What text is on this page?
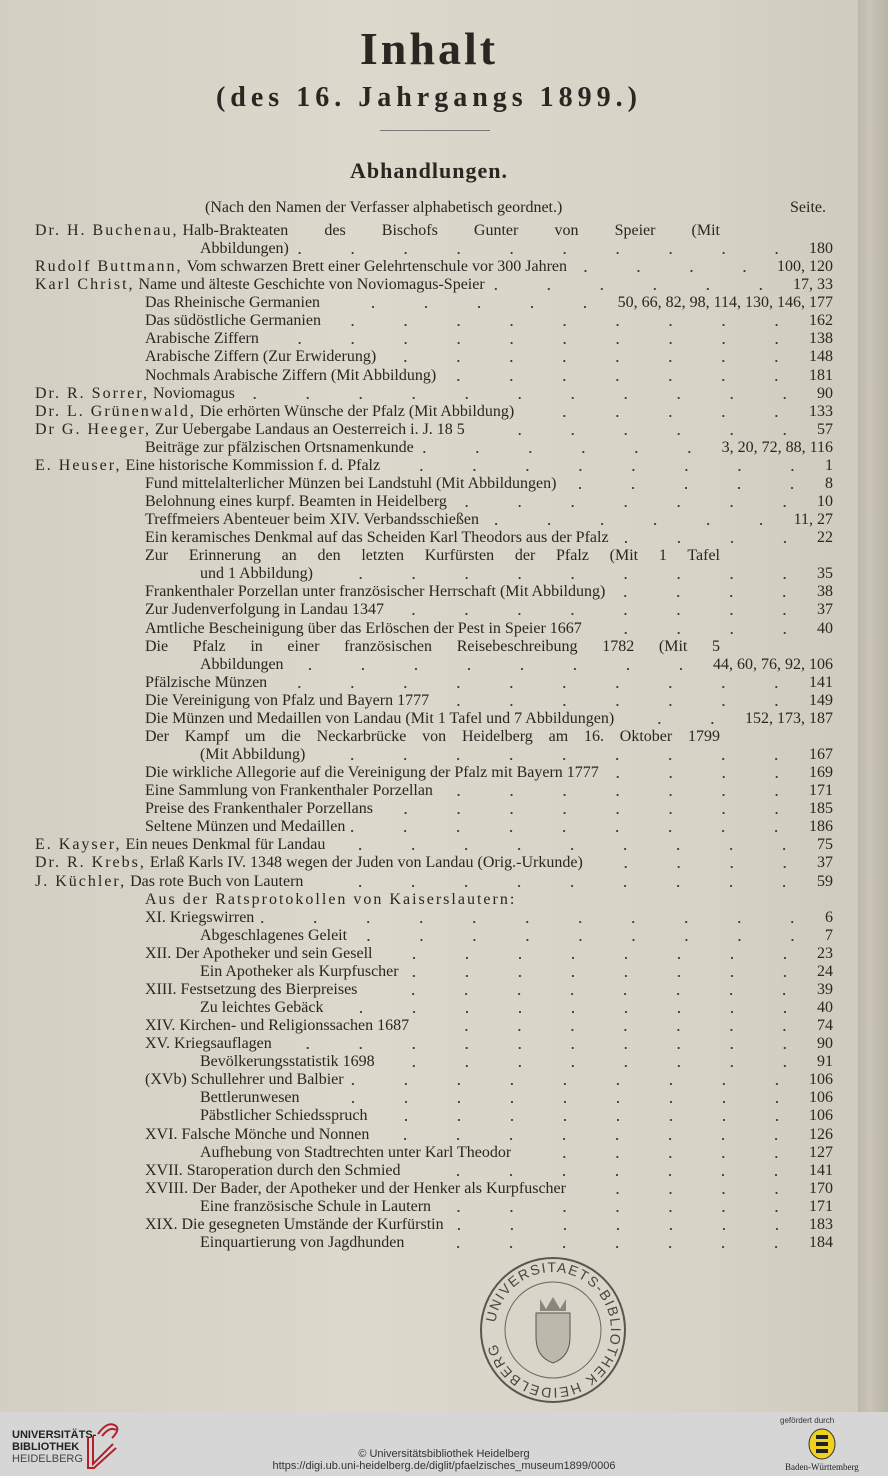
Inhalt
(des 16. Jahrgangs 1899.)
Abhandlungen.
(Nach den Namen der Verfasser alphabetisch geordnet.)	Seite.
Dr. H. Buchenau,
Halb-Brakteaten des Bischofs Gunter von Speier (Mit
Abbildungen)	180
Rudolf Buttmann,
Vom schwarzen Brett einer Gelehrtenschule vor 300 Jahren	100, 120
Karl Christ,
Name und älteste Geschichte von Noviomagus-Speier	17, 33
Das Rheinische Germanien	50, 66, 82, 98, 114, 130, 146, 177
Das südöstliche Germanien	162
Arabische Ziffern	138
Arabische Ziffern (Zur Erwiderung)	148
Nochmals Arabische Ziffern (Mit Abbildung)	181
Dr. R. Sorrer,
Noviomagus	90
Dr. L. Grünenwald,
Die erhörten Wünsche der Pfalz (Mit Abbildung)	133
Dr G. Heeger,
Zur Uebergabe Landaus an Oesterreich i. J. 18 5	57
Beiträge zur pfälzischen Ortsnamenkunde	3, 20, 72, 88, 116
E. Heuser,
Eine historische Kommission f. d. Pfalz	1
Fund mittelalterlicher Münzen bei Landstuhl (Mit Abbildungen)	8
Belohnung eines kurpf. Beamten in Heidelberg	10
Treffmeiers Abenteuer beim XIV. Verbandsschießen	11, 27
Ein keramisches Denkmal auf das Scheiden Karl Theodors aus der Pfalz	22
Zur Erinnerung an den letzten Kurfürsten der Pfalz (Mit 1 Tafel
und 1 Abbildung)	35
Frankenthaler Porzellan unter französischer Herrschaft (Mit Abbildung)	38
Zur Judenverfolgung in Landau 1347	37
Amtliche Bescheinigung über das Erlöschen der Pest in Speier 1667	40
Die Pfalz in einer französischen Reisebeschreibung 1782 (Mit 5
Abbildungen	44, 60, 76, 92, 106
Pfälzische Münzen	141
Die Vereinigung von Pfalz und Bayern 1777	149
Die Münzen und Medaillen von Landau (Mit 1 Tafel und 7 Abbildungen)	152, 173, 187
Der Kampf um die Neckarbrücke von Heidelberg am 16. Oktober 1799
(Mit Abbildung)	167
Die wirkliche Allegorie auf die Vereinigung der Pfalz mit Bayern 1777	169
Eine Sammlung von Frankenthaler Porzellan	171
Preise des Frankenthaler Porzellans	185
Seltene Münzen und Medaillen	186
E. Kayser,
Ein neues Denkmal für Landau	75
Dr. R. Krebs,
Erlaß Karls IV. 1348 wegen der Juden von Landau (Orig.-Urkunde)	37
J. Küchler,
Das rote Buch von Lautern	59
Aus der Ratsprotokollen von Kaiserslautern:
XI. Kriegswirren	6
Abgeschlagenes Geleit	7
XII. Der Apotheker und sein Gesell	23
Ein Apotheker als Kurpfuscher	24
XIII. Festsetzung des Bierpreises	39
Zu leichtes Gebäck	40
XIV. Kirchen- und Religionssachen 1687	74
XV. Kriegsauflagen	90
Bevölkerungsstatistik 1698	91
(XVb) Schullehrer und Balbier	106
Bettlerunwesen	106
Päbstlicher Schiedsspruch	106
XVI. Falsche Mönche und Nonnen	126
Aufhebung von Stadtrechten unter Karl Theodor	127
XVII. Staroperation durch den Schmied	141
XVIII. Der Bader, der Apotheker und der Henker als Kurpfuscher	170
Eine französische Schule in Lautern	171
XIX. Die gesegneten Umstände der Kurfürstin	183
Einquartierung von Jagdhunden	184
UNIVERSITAETS-BIBLIOTHEK HEIDELBERG
UNIVERSITÄTS-
BIBLIOTHEK
HEIDELBERG	© Universitätsbibliothek Heidelberg
https://digi.ub.uni-heidelberg.de/diglit/pfaelzisches_museum1899/0006
gefördert durch
Baden-Württemberg
